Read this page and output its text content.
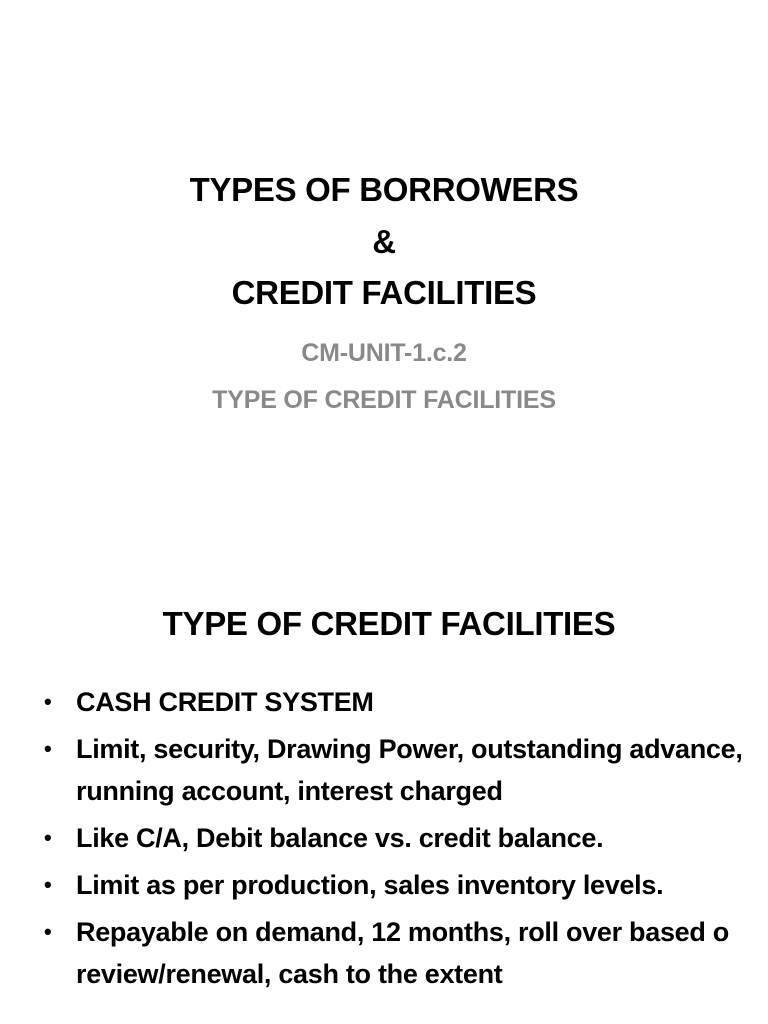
TYPES OF BORROWERS
&
CREDIT FACILITIES
CM-UNIT-1.c.2
TYPE OF CREDIT FACILITIES
TYPE OF CREDIT FACILITIES
• CASH CREDIT SYSTEM
• Limit, security, Drawing Power, outstanding advance, running account, interest charged
• Like C/A, Debit balance vs. credit balance.
• Limit as per production, sales inventory levels.
• Repayable on demand, 12 months, roll over based o review/renewal, cash to the extent
